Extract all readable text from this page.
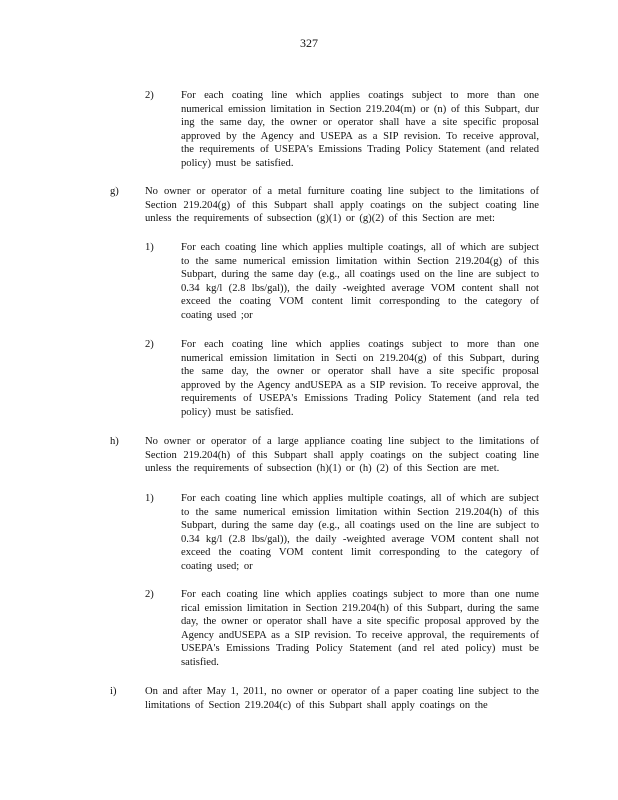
327
2)	For each coating line which applies coatings subject to more than one numerical emission limitation in Section 219.204(m) or (n) of this Subpart, dur ing the same day, the owner or operator shall have a site specific proposal approved by the Agency and USEPA as a SIP revision. To receive approval, the requirements of USEPA's Emissions Trading Policy Statement (and related policy) must be satisfied.
g) No owner or operator of a metal furniture coating line subject to the limitations of Section 219.204(g) of this Subpart shall apply coatings on the subject coating line unless the requirements of subsection (g)(1) or (g)(2) of this Section are met:
1)	For each coating line which applies multiple coatings, all of which are subject to the same numerical emission limitation within Section 219.204(g) of this Subpart, during the same day (e.g., all coatings used on the line are subject to 0.34 kg/l (2.8 lbs/gal)), the daily -weighted average VOM content shall not exceed the coating VOM content limit corresponding to the category of coating used ;or
2)	For each coating line which applies coatings subject to more than one numerical emission limitation in Secti on 219.204(g) of this Subpart, during the same day, the owner or operator shall have a site specific proposal approved by the Agency andUSEPA as a SIP revision. To receive approval, the requirements of USEPA's Emissions Trading Policy Statement (and rela ted policy) must be satisfied.
h) No owner or operator of a large appliance coating line subject to the limitations of Section 219.204(h) of this Subpart shall apply coatings on the subject coating line unless the requirements of subsection (h)(1) or (h) (2) of this Section are met.
1)	For each coating line which applies multiple coatings, all of which are subject to the same numerical emission limitation within Section 219.204(h) of this Subpart, during the same day (e.g., all coatings used on the line are subject to 0.34 kg/l (2.8 lbs/gal)), the daily -weighted average VOM content shall not exceed the coating VOM content limit corresponding to the category of coating used; or
2)	For each coating line which applies coatings subject to more than one nume rical emission limitation in Section 219.204(h) of this Subpart, during the same day, the owner or operator shall have a site specific proposal approved by the Agency andUSEPA as a SIP revision. To receive approval, the requirements of USEPA's Emissions Trading Policy Statement (and rel ated policy) must be satisfied.
i)	On and after May 1, 2011, no owner or operator of a paper coating line subject to the limitations of Section 219.204(c) of this Subpart shall apply coatings on the
